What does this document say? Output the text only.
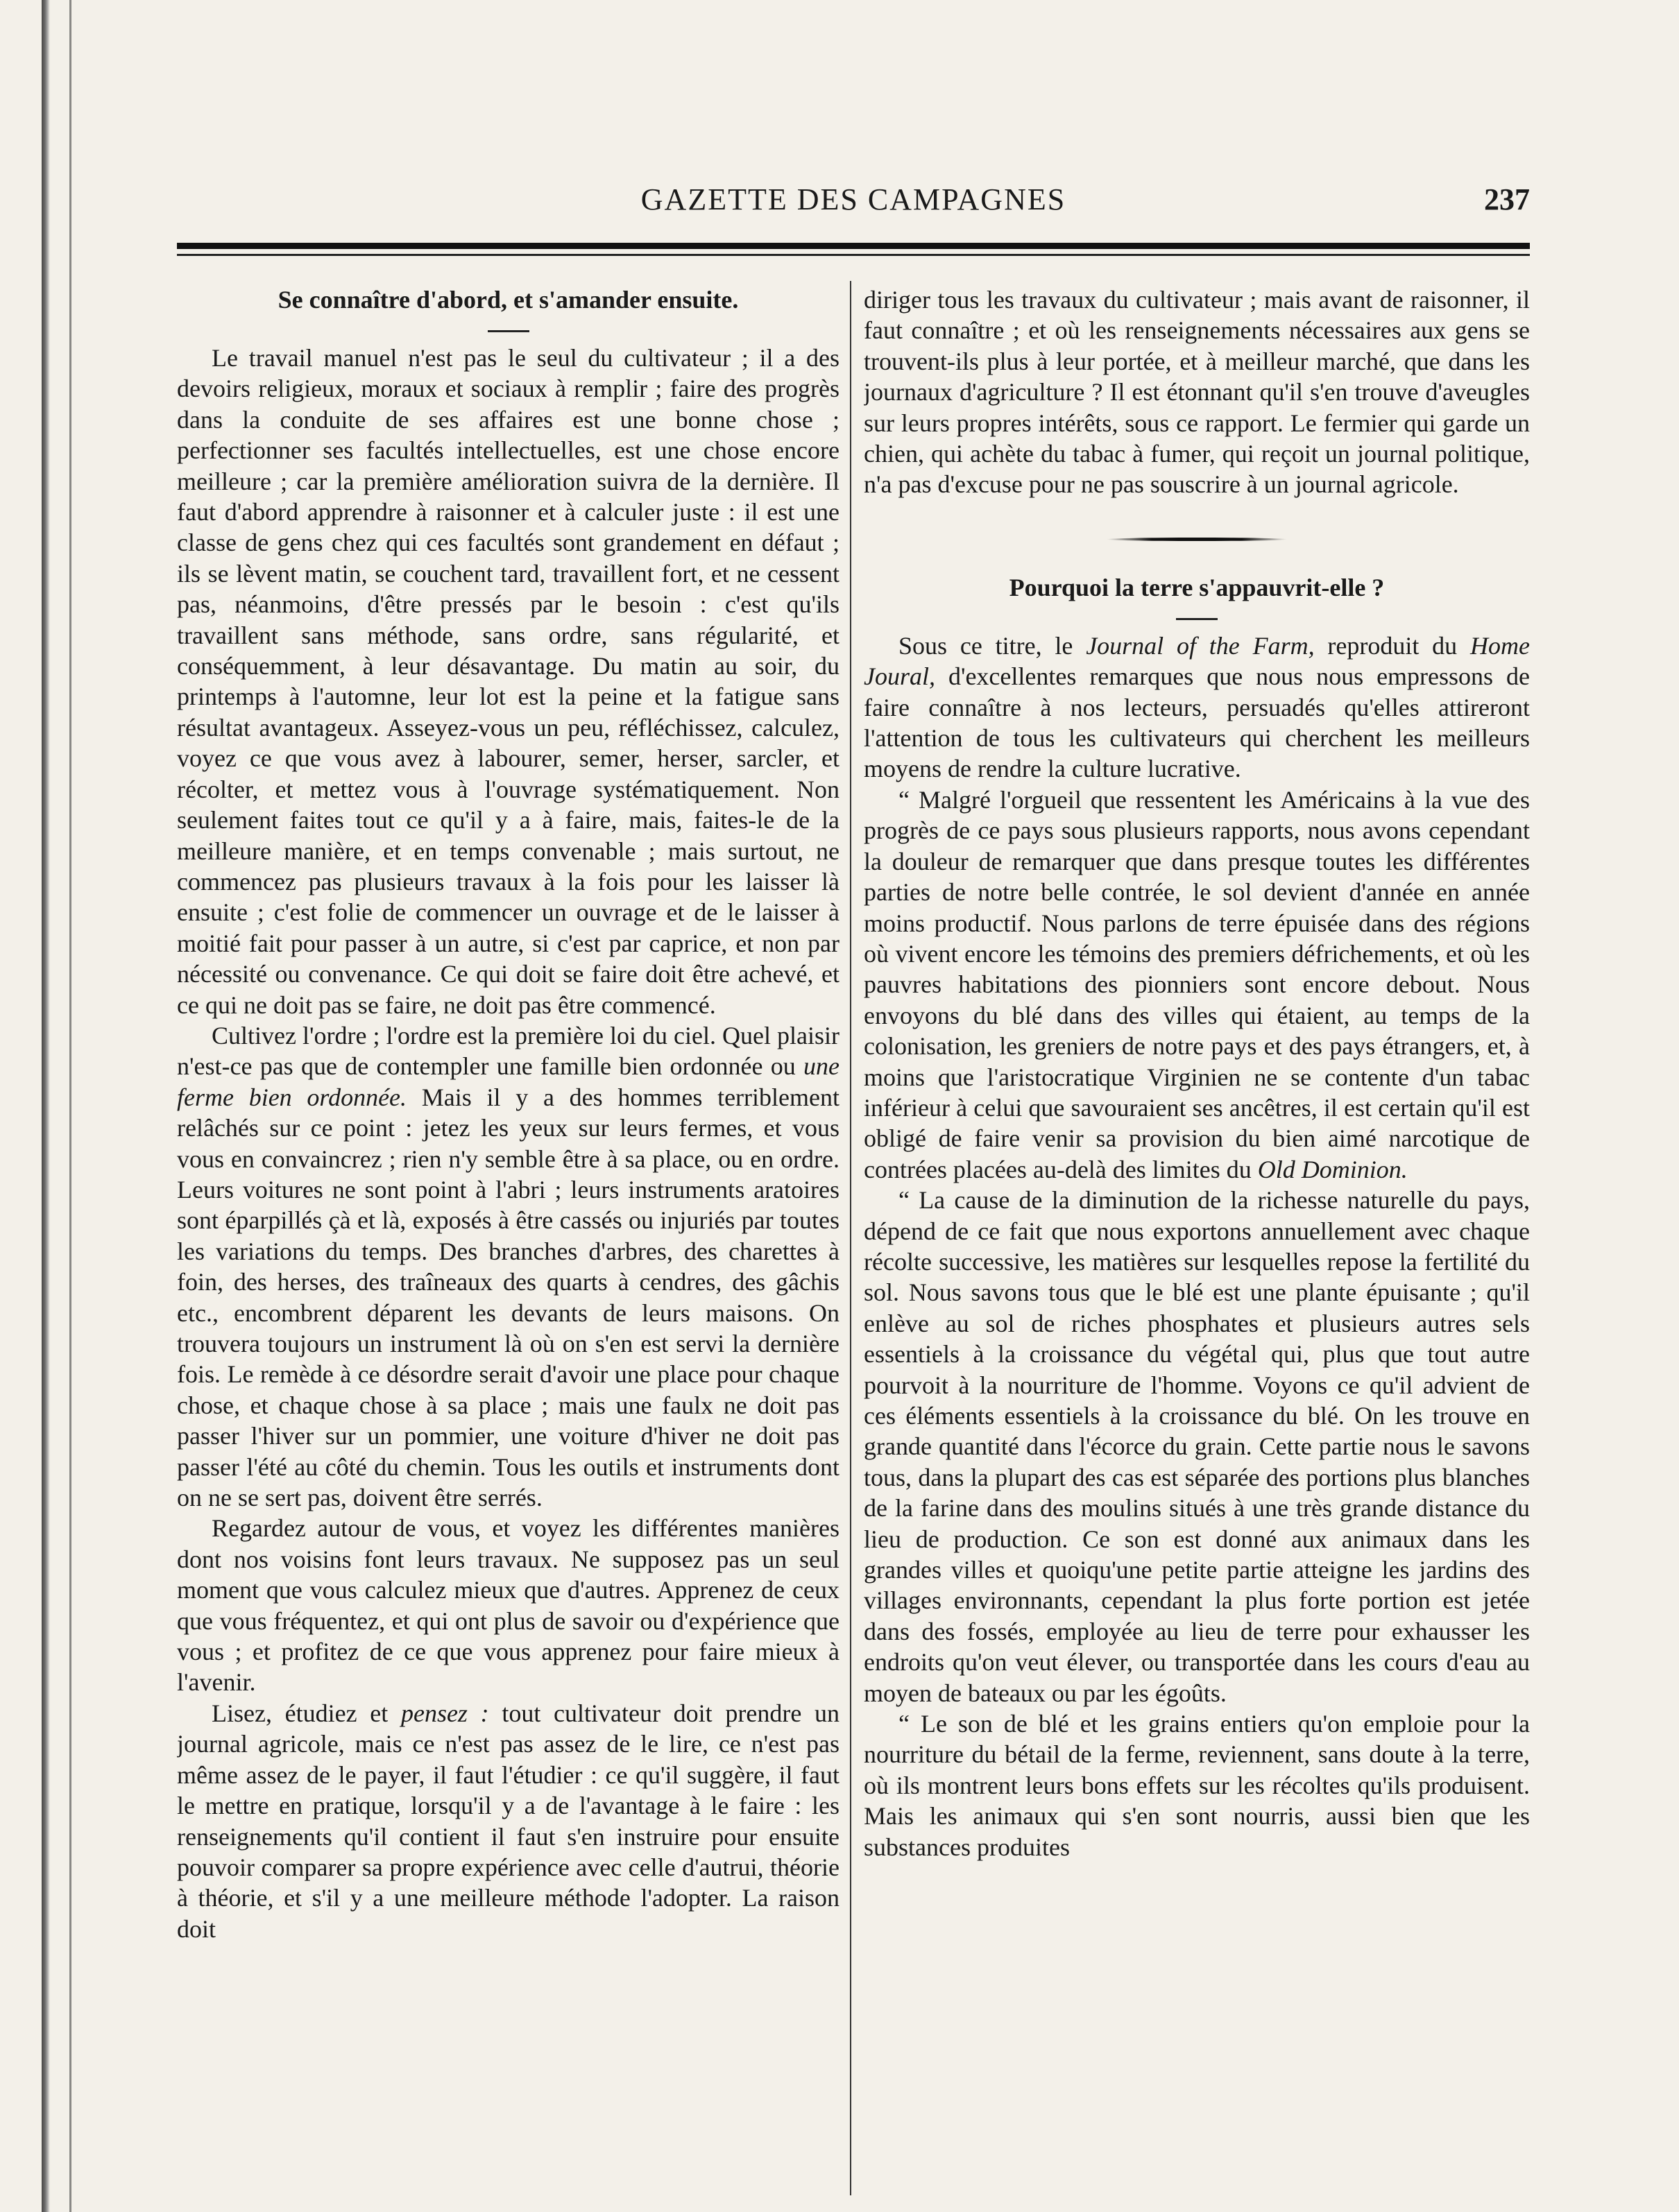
GAZETTE DES CAMPAGNES	237
Se connaître d'abord, et s'amander ensuite.

Le travail manuel n'est pas le seul du cultivateur ; il a des devoirs religieux, moraux et sociaux à remplir ; faire des progrès dans la conduite de ses affaires est une bonne chose ; perfectionner ses facultés intellectuelles, est une chose encore meilleure ; car la première amélioration suivra de la dernière. Il faut d'abord apprendre à raisonner et à calculer juste : il est une classe de gens chez qui ces facultés sont grandement en défaut ; ils se lèvent matin, se couchent tard, travaillent fort, et ne cessent pas, néanmoins, d'être pressés par le besoin : c'est qu'ils travaillent sans méthode, sans ordre, sans régularité, et conséquemment, à leur désavantage. Du matin au soir, du printemps à l'automne, leur lot est la peine et la fatigue sans résultat avantageux. Asseyez-vous un peu, réfléchissez, calculez, voyez ce que vous avez à labourer, semer, herser, sarcler, et récolter, et mettez vous à l'ouvrage systématiquement. Non seulement faites tout ce qu'il y a à faire, mais, faites-le de la meilleure manière, et en temps convenable ; mais surtout, ne commencez pas plusieurs travaux à la fois pour les laisser là ensuite ; c'est folie de commencer un ouvrage et de le laisser à moitié fait pour passer à un autre, si c'est par caprice, et non par nécessité ou convenance. Ce qui doit se faire doit être achevé, et ce qui ne doit pas se faire, ne doit pas être commencé.

Cultivez l'ordre ; l'ordre est la première loi du ciel. Quel plaisir n'est-ce pas que de contempler une famille bien ordonnée ou une ferme bien ordonnée. Mais il y a des hommes terriblement relâchés sur ce point : jetez les yeux sur leurs fermes, et vous vous en convaincrez ; rien n'y semble être à sa place, ou en ordre. Leurs voitures ne sont point à l'abri ; leurs instruments aratoires sont éparpillés çà et là, exposés à être cassés ou injuriés par toutes les variations du temps. Des branches d'arbres, des charettes à foin, des herses, des traîneaux des quarts à cendres, des gâchis etc., encombrent déparent les devants de leurs maisons. On trouvera toujours un instrument là où on s'en est servi la dernière fois. Le remède à ce désordre serait d'avoir une place pour chaque chose, et chaque chose à sa place ; mais une faulx ne doit pas passer l'hiver sur un pommier, une voiture d'hiver ne doit pas passer l'été au côté du chemin. Tous les outils et instruments dont on ne se sert pas, doivent être serrés.

Regardez autour de vous, et voyez les différentes manières dont nos voisins font leurs travaux. Ne supposez pas un seul moment que vous calculez mieux que d'autres. Apprenez de ceux que vous fréquentez, et qui ont plus de savoir ou d'expérience que vous ; et profitez de ce que vous apprenez pour faire mieux à l'avenir.

Lisez, étudiez et pensez : tout cultivateur doit prendre un journal agricole, mais ce n'est pas assez de le lire, ce n'est pas même assez de le payer, il faut l'étudier : ce qu'il suggère, il faut le mettre en pratique, lorsqu'il y a de l'avantage à le faire : les renseignements qu'il contient il faut s'en instruire pour ensuite pouvoir comparer sa propre expérience avec celle d'autrui, théorie à théorie, et s'il y a une meilleure méthode l'adopter. La raison doit

diriger tous les travaux du cultivateur ; mais avant de raisonner, il faut connaître ; et où les renseignements nécessaires aux gens se trouvent-ils plus à leur portée, et à meilleur marché, que dans les journaux d'agriculture ? Il est étonnant qu'il s'en trouve d'aveugles sur leurs propres intérêts, sous ce rapport. Le fermier qui garde un chien, qui achète du tabac à fumer, qui reçoit un journal politique, n'a pas d'excuse pour ne pas souscrire à un journal agricole.

Pourquoi la terre s'appauvrit-elle ?

Sous ce titre, le Journal of the Farm, reproduit du Home Joural, d'excellentes remarques que nous nous empressons de faire connaître à nos lecteurs, persuadés qu'elles attireront l'attention de tous les cultivateurs qui cherchent les meilleurs moyens de rendre la culture lucrative.

“ Malgré l'orgueil que ressentent les Américains à la vue des progrès de ce pays sous plusieurs rapports, nous avons cependant la douleur de remarquer que dans presque toutes les différentes parties de notre belle contrée, le sol devient d'année en année moins productif. Nous parlons de terre épuisée dans des régions où vivent encore les témoins des premiers défrichements, et où les pauvres habitations des pionniers sont encore debout. Nous envoyons du blé dans des villes qui étaient, au temps de la colonisation, les greniers de notre pays et des pays étrangers, et, à moins que l'aristocratique Virginien ne se contente d'un tabac inférieur à celui que savouraient ses ancêtres, il est certain qu'il est obligé de faire venir sa provision du bien aimé narcotique de contrées placées au-delà des limites du Old Dominion.

“ La cause de la diminution de la richesse naturelle du pays, dépend de ce fait que nous exportons annuellement avec chaque récolte successive, les matières sur lesquelles repose la fertilité du sol. Nous savons tous que le blé est une plante épuisante ; qu'il enlève au sol de riches phosphates et plusieurs autres sels essentiels à la croissance du végétal qui, plus que tout autre pourvoit à la nourriture de l'homme. Voyons ce qu'il advient de ces éléments essentiels à la croissance du blé. On les trouve en grande quantité dans l'écorce du grain. Cette partie nous le savons tous, dans la plupart des cas est séparée des portions plus blanches de la farine dans des moulins situés à une très grande distance du lieu de production. Ce son est donné aux animaux dans les grandes villes et quoiqu'une petite partie atteigne les jardins des villages environnants, cependant la plus forte portion est jetée dans des fossés, employée au lieu de terre pour exhausser les endroits qu'on veut élever, ou transportée dans les cours d'eau au moyen de bateaux ou par les égoûts.

“ Le son de blé et les grains entiers qu'on emploie pour la nourriture du bétail de la ferme, reviennent, sans doute à la terre, où ils montrent leurs bons effets sur les récoltes qu'ils produisent. Mais les animaux qui s'en sont nourris, aussi bien que les substances produites
